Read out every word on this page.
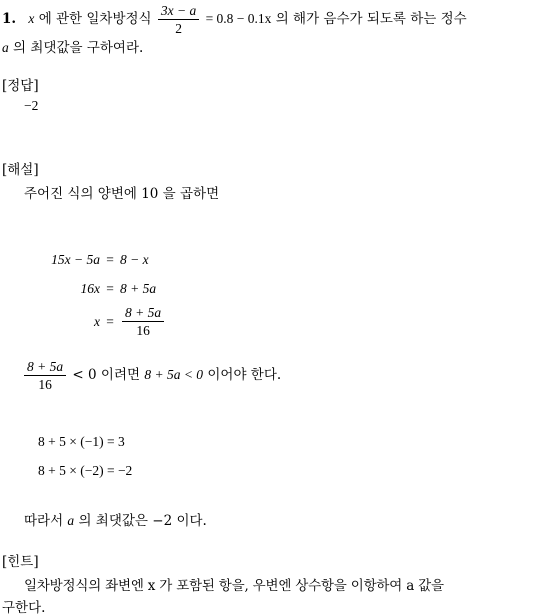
1. x 에 관한 일차방정식 $\frac{3x - a}{2} = 0.8 - 0.1x$ 의 해가 음수가 되도록 하는 정수
a 의 최댓값을 구하여라.
[정답]
−2
[해설]
주어진 식의 양변에 10 을 곱하면
15x − 5a = 8 − x
16x = 8 + 5a
$x = \frac{8 + 5a}{16}$
$\frac{8 + 5a}{16} < 0$ 이려면 8 + 5a < 0 이어야 한다.
8 + 5 × (−1) = 3
8 + 5 × (−2) = −2
따라서 a 의 최댓값은 −2 이다.
[힌트]
일차방정식의 좌변엔 x 가 포함된 항을, 우변엔 상수항을 이항하여 a 값을
구한다.
